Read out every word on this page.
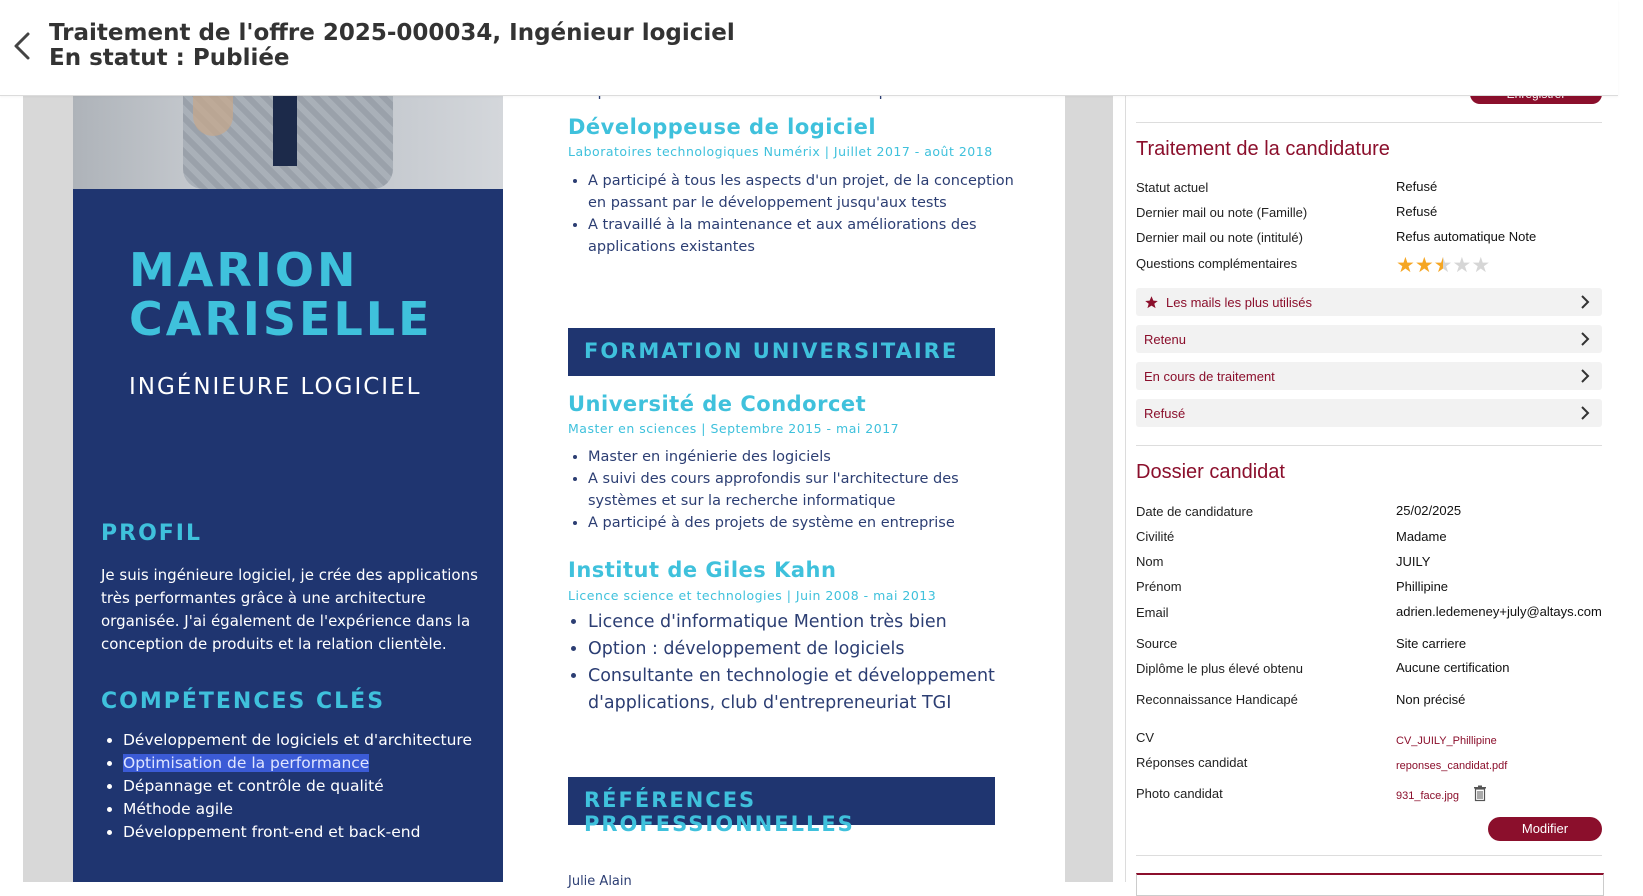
Traitement de l'offre 2025-000034, Ingénieur logiciel
En statut : Publiée
MARION
CARISELLE
INGÉNIEURE LOGICIEL
PROFIL
Je suis ingénieure logiciel, je crée des applications très performantes grâce à une architecture organisée. J'ai également de l'expérience dans la conception de produits et la relation clientèle.
COMPÉTENCES CLÉS
• Développement de logiciels et d'architecture
• Optimisation de la performance
• Dépannage et contrôle de qualité
• Méthode agile
• Développement front-end et back-end
Développeuse de logiciel
Laboratoires technologiques Numérix | Juillet 2017 - août 2018
• A participé à tous les aspects d'un projet, de la conception en passant par le développement jusqu'aux tests
• A travaillé à la maintenance et aux améliorations des applications existantes
FORMATION UNIVERSITAIRE
Université de Condorcet
Master en sciences | Septembre 2015 - mai 2017
• Master en ingénierie des logiciels
• A suivi des cours approfondis sur l'architecture des systèmes et sur la recherche informatique
• A participé à des projets de système en entreprise
Institut de Giles Kahn
Licence science et technologies | Juin 2008 - mai 2013
• Licence d'informatique Mention très bien
• Option : développement de logiciels
• Consultante en technologie et développement d'applications, club d'entrepreneuriat TGI
RÉFÉRENCES PROFESSIONNELLES
Julie Alain
Traitement de la candidature
Statut actuel	Refusé
Dernier mail ou note (Famille)	Refusé
Dernier mail ou note (intitulé)	Refus automatique Note
Questions complémentaires	★★★★★
Les mails les plus utilisés
Retenu
En cours de traitement
Refusé
Dossier candidat
Date de candidature	25/02/2025
Civilité	Madame
Nom	JUILY
Prénom	Phillipine
Email	adrien.ledemeney+july@altays.com
Source	Site carriere
Diplôme le plus élevé obtenu	Aucune certification
Reconnaissance Handicapé	Non précisé
CV	CV_JUILY_Phillipine
Réponses candidat	reponses_candidat.pdf
Photo candidat	931_face.jpg
Modifier
